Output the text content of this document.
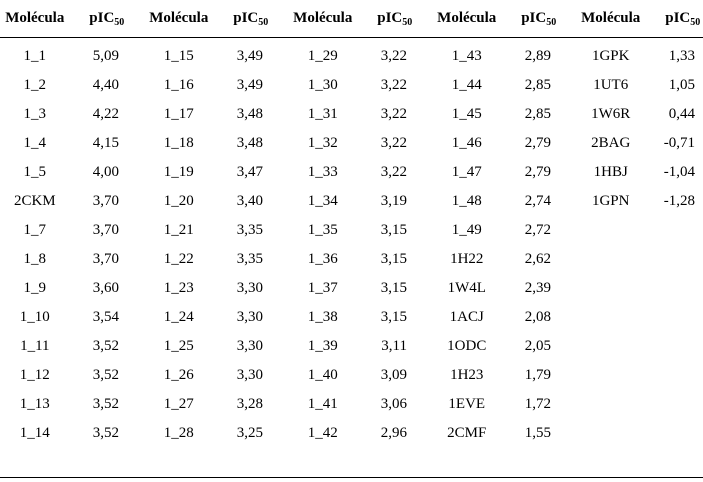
Molécula	pIC$_{50}$	Molécula	pIC$_{50}$	Molécula	pIC$_{50}$	Molécula	pIC$_{50}$	Molécula	pIC$_{50}$
1_1	5,09	1_15	3,49	1_29	3,22	1_43	2,89	1GPK	1,33
1_2	4,40	1_16	3,49	1_30	3,22	1_44	2,85	1UT6	1,05
1_3	4,22	1_17	3,48	1_31	3,22	1_45	2,85	1W6R	0,44
1_4	4,15	1_18	3,48	1_32	3,22	1_46	2,79	2BAG	-0,71
1_5	4,00	1_19	3,47	1_33	3,22	1_47	2,79	1HBJ	-1,04
2CKM	3,70	1_20	3,40	1_34	3,19	1_48	2,74	1GPN	-1,28
1_7	3,70	1_21	3,35	1_35	3,15	1_49	2,72		
1_8	3,70	1_22	3,35	1_36	3,15	1H22	2,62		
1_9	3,60	1_23	3,30	1_37	3,15	1W4L	2,39		
1_10	3,54	1_24	3,30	1_38	3,15	1ACJ	2,08		
1_11	3,52	1_25	3,30	1_39	3,11	1ODC	2,05		
1_12	3,52	1_26	3,30	1_40	3,09	1H23	1,79		
1_13	3,52	1_27	3,28	1_41	3,06	1EVE	1,72		
1_14	3,52	1_28	3,25	1_42	2,96	2CMF	1,55		
